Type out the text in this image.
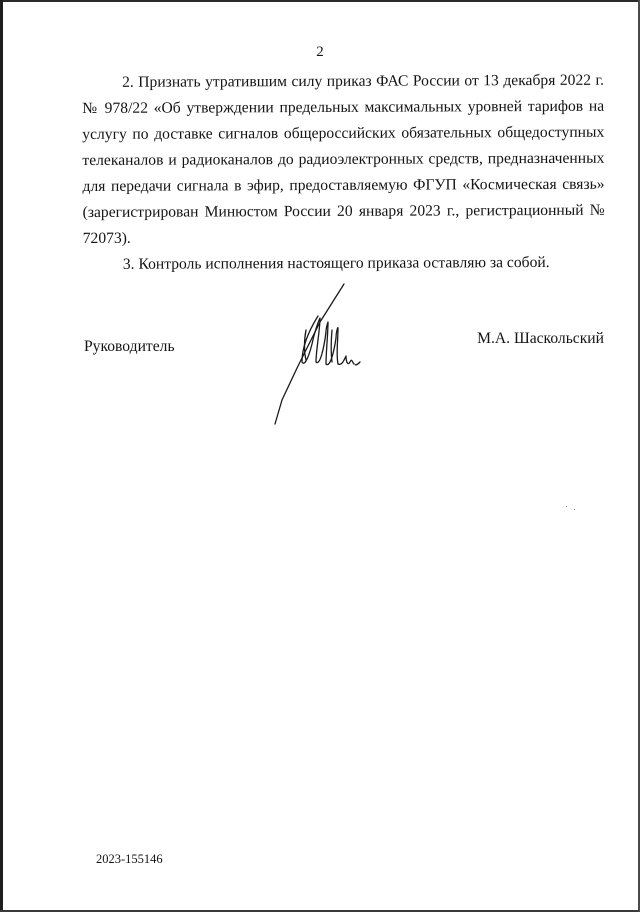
2

2. Признать утратившим силу приказ ФАС России от 13 декабря 2022 г. № 978/22 «Об утверждении предельных максимальных уровней тарифов на услугу по доставке сигналов общероссийских обязательных общедоступных телеканалов и радиоканалов до радиоэлектронных средств, предназначенных для передачи сигнала в эфир, предоставляемую ФГУП «Космическая связь» (зарегистрирован Минюстом России 20 января 2023 г., регистрационный № 72073).

3. Контроль исполнения настоящего приказа оставляю за собой.

Руководитель	М.А. Шаскольский
2023-155146
